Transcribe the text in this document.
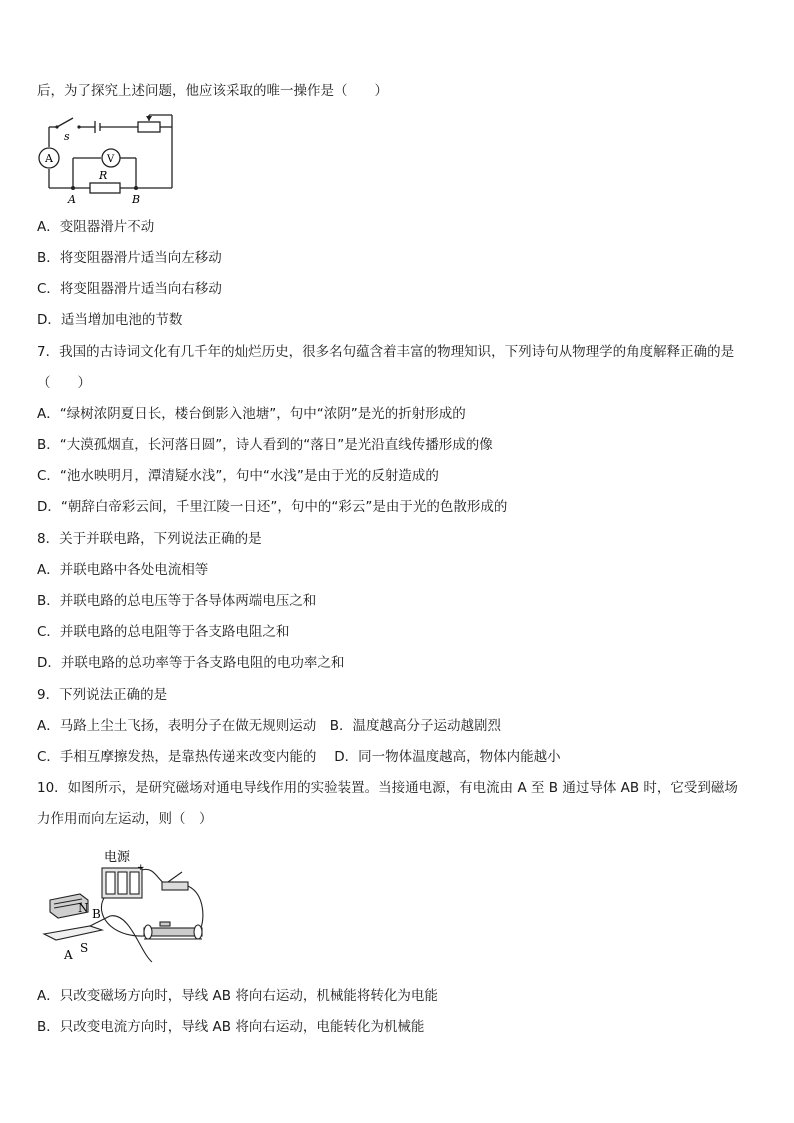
后，为了探究上述问题，他应该采取的唯一操作是（　　）
s
A	V
R
A	B
A．变阻器滑片不动
B．将变阻器滑片适当向左移动
C．将变阻器滑片适当向右移动
D．适当增加电池的节数
7．我国的古诗词文化有几千年的灿烂历史，很多名句蕴含着丰富的物理知识，下列诗句从物理学的角度解释正确的是
（　　）
A．“绿树浓阴夏日长，楼台倒影入池塘”，句中“浓阴”是光的折射形成的
B．“大漠孤烟直，长河落日圆”，诗人看到的“落日”是光沿直线传播形成的像
C．“池水映明月，潭清疑水浅”，句中“水浅”是由于光的反射造成的
D．“朝辞白帝彩云间，千里江陵一日还”，句中的“彩云”是由于光的色散形成的
8．关于并联电路，下列说法正确的是
A．并联电路中各处电流相等
B．并联电路的总电压等于各导体两端电压之和
C．并联电路的总电阻等于各支路电阻之和
D．并联电路的总功率等于各支路电阻的电功率之和
9．下列说法正确的是
A．马路上尘土飞扬，表明分子在做无规则运动　B．温度越高分子运动越剧烈
C．手相互摩擦发热，是靠热传递来改变内能的　 D．同一物体温度越高，物体内能越小
10．如图所示，是研究磁场对通电导线作用的实验装置。当接通电源，有电流由 A 至 B 通过导体 AB 时，它受到磁场
力作用而向左运动，则（　）
电源
+
N B
S
A
A．只改变磁场方向时，导线 AB 将向右运动，机械能将转化为电能
B．只改变电流方向时，导线 AB 将向右运动，电能转化为机械能
